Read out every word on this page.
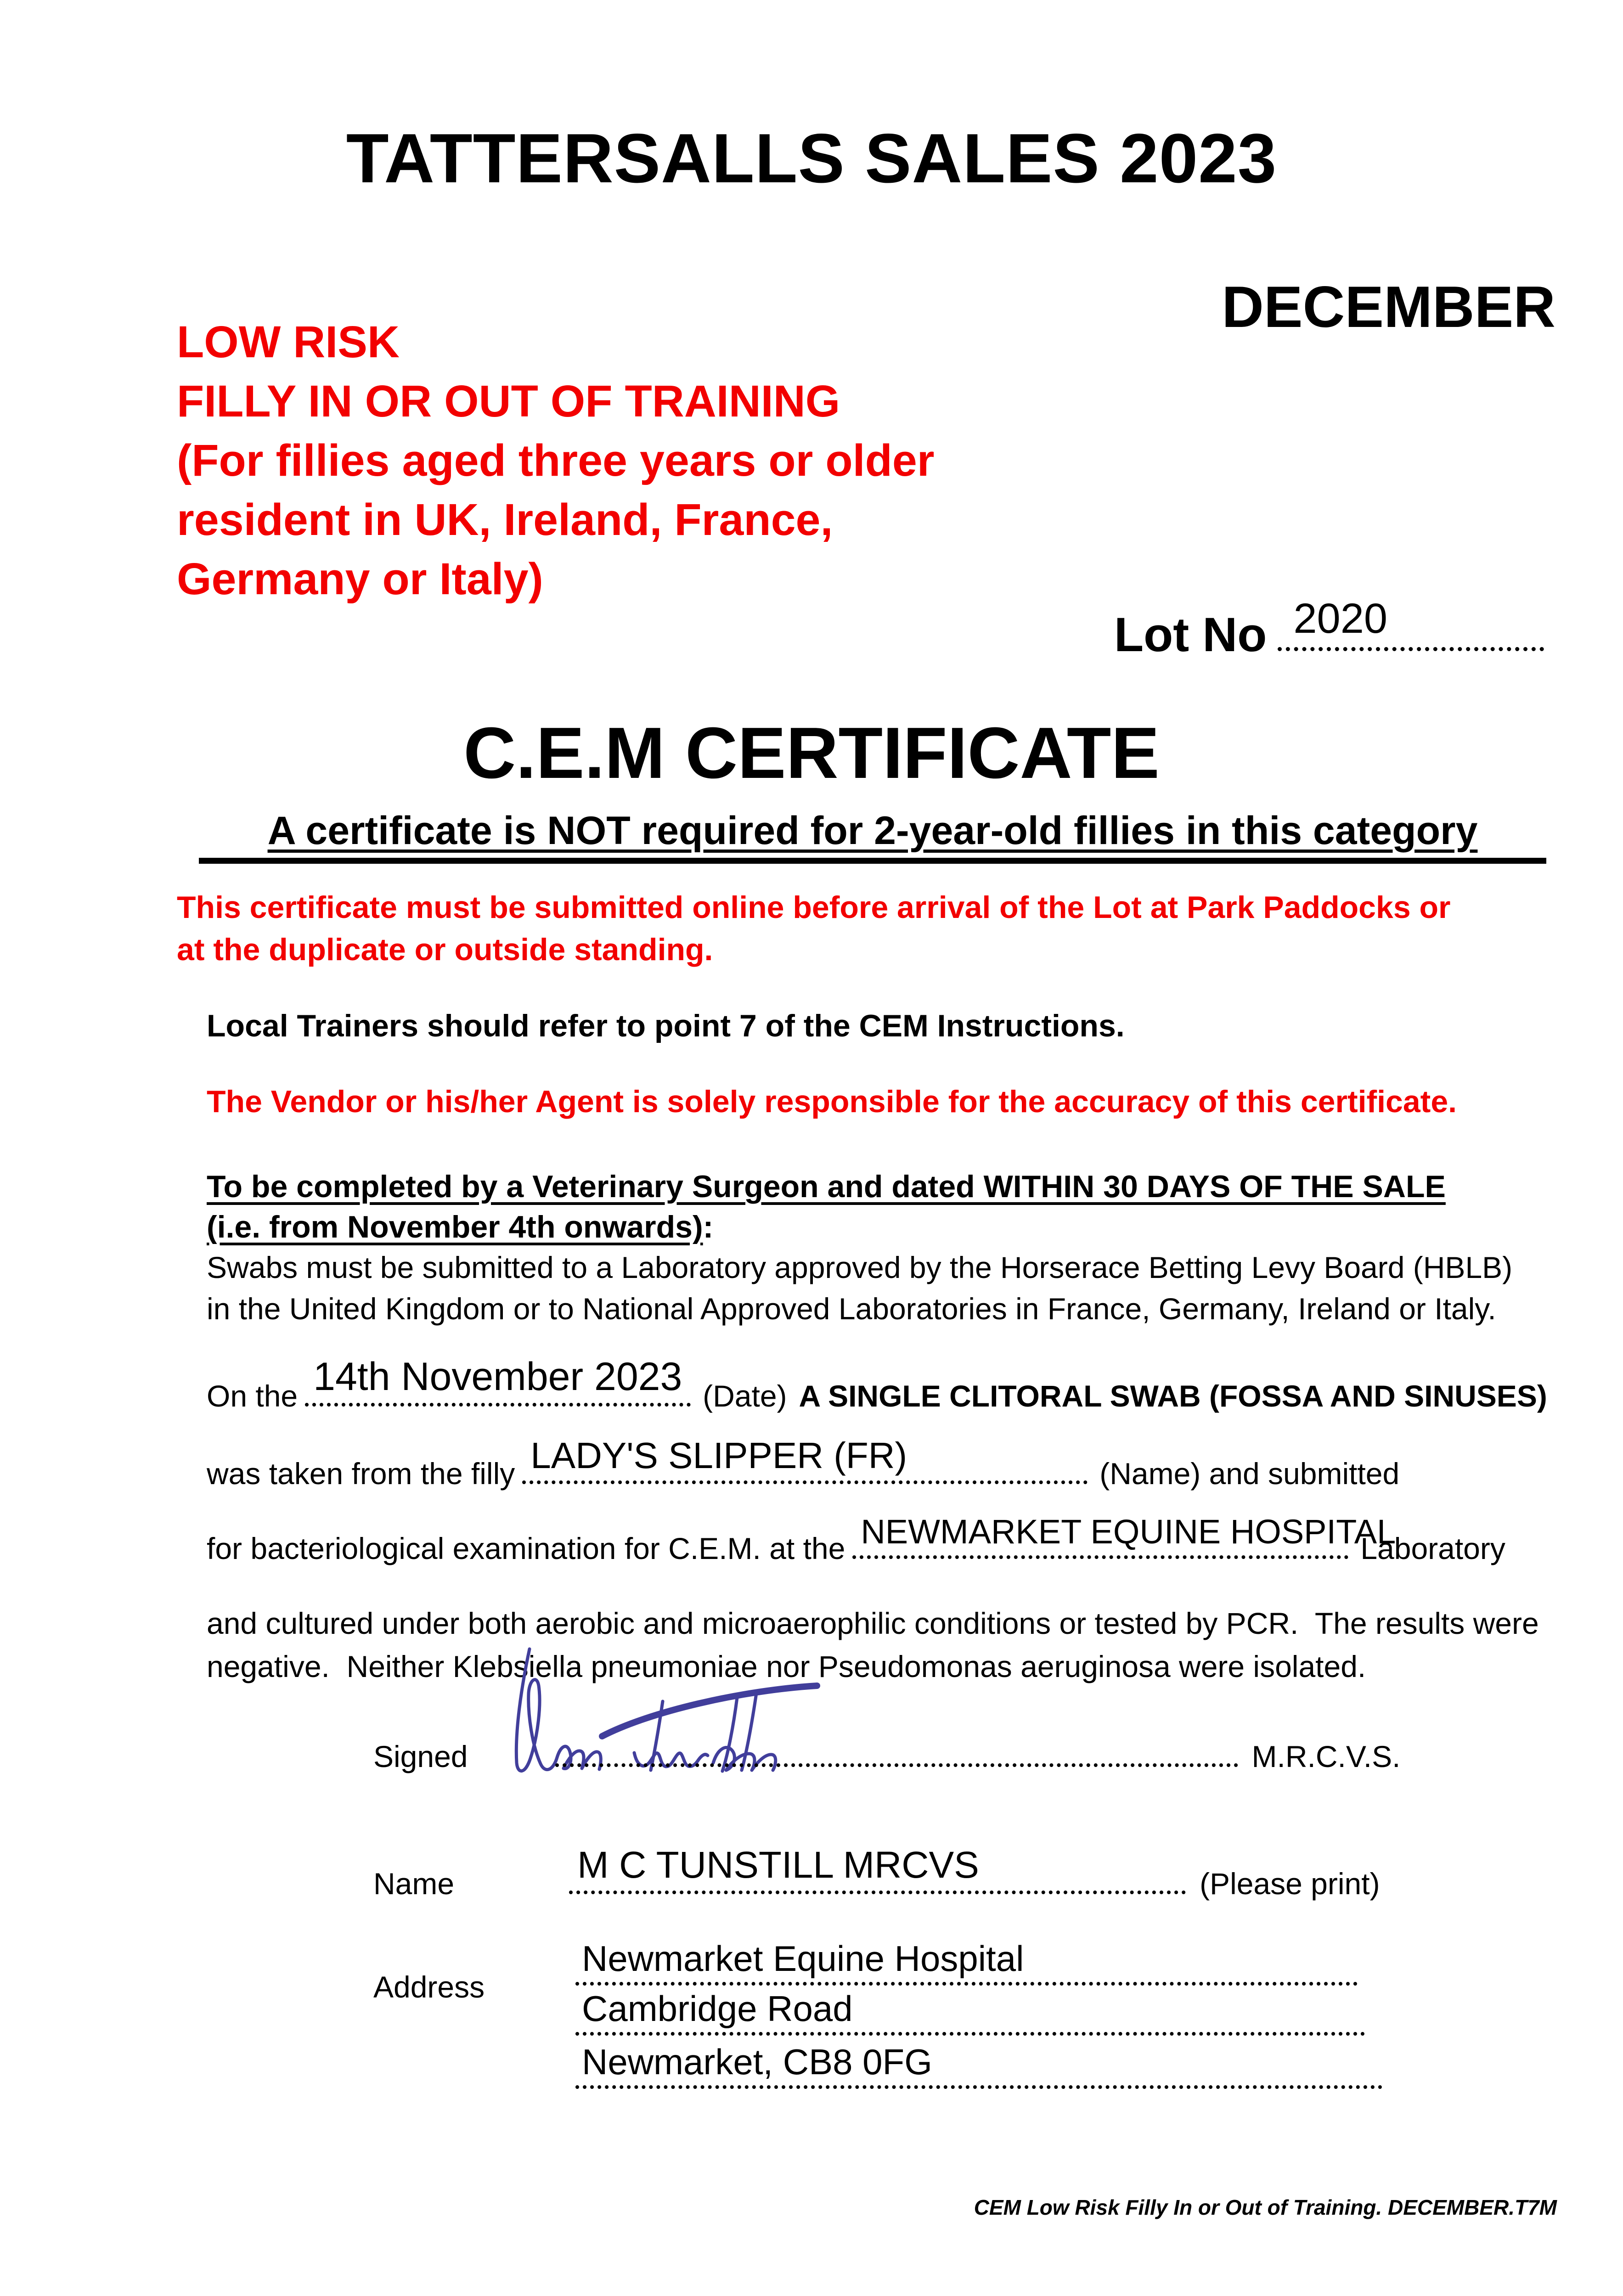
TATTERSALLS SALES 2023
DECEMBER
LOW RISK
FILLY IN OR OUT OF TRAINING
(For fillies aged three years or older
resident in UK, Ireland, France,
Germany or Italy)
Lot No 2020
C.E.M CERTIFICATE
A certificate is NOT required for 2-year-old fillies in this category
This certificate must be submitted online before arrival of the Lot at Park Paddocks or
at the duplicate or outside standing.
Local Trainers should refer to point 7 of the CEM Instructions.
The Vendor or his/her Agent is solely responsible for the accuracy of this certificate.
To be completed by a Veterinary Surgeon and dated WITHIN 30 DAYS OF THE SALE
(i.e. from November 4th onwards):
Swabs must be submitted to a Laboratory approved by the Horserace Betting Levy Board (HBLB)
in the United Kingdom or to National Approved Laboratories in France, Germany, Ireland or Italy.
On the 14th November 2023 (Date) A SINGLE CLITORAL SWAB (FOSSA AND SINUSES)
was taken from the filly LADY'S SLIPPER (FR)	(Name) and submitted
for bacteriological examination for C.E.M. at the NEWMARKET EQUINE HOSPITAL
Laboratory
and cultured under both aerobic and microaerophilic conditions or tested by PCR.  The results were
negative.  Neither Klebsiella pneumoniae nor Pseudomonas aeruginosa were isolated.
Signed	M.R.C.V.S.
Name	M C TUNSTILL MRCVS	(Please print)
Address
Newmarket Equine Hospital
Cambridge Road
Newmarket, CB8 0FG
CEM Low Risk Filly In or Out of Training. DECEMBER.T7M
